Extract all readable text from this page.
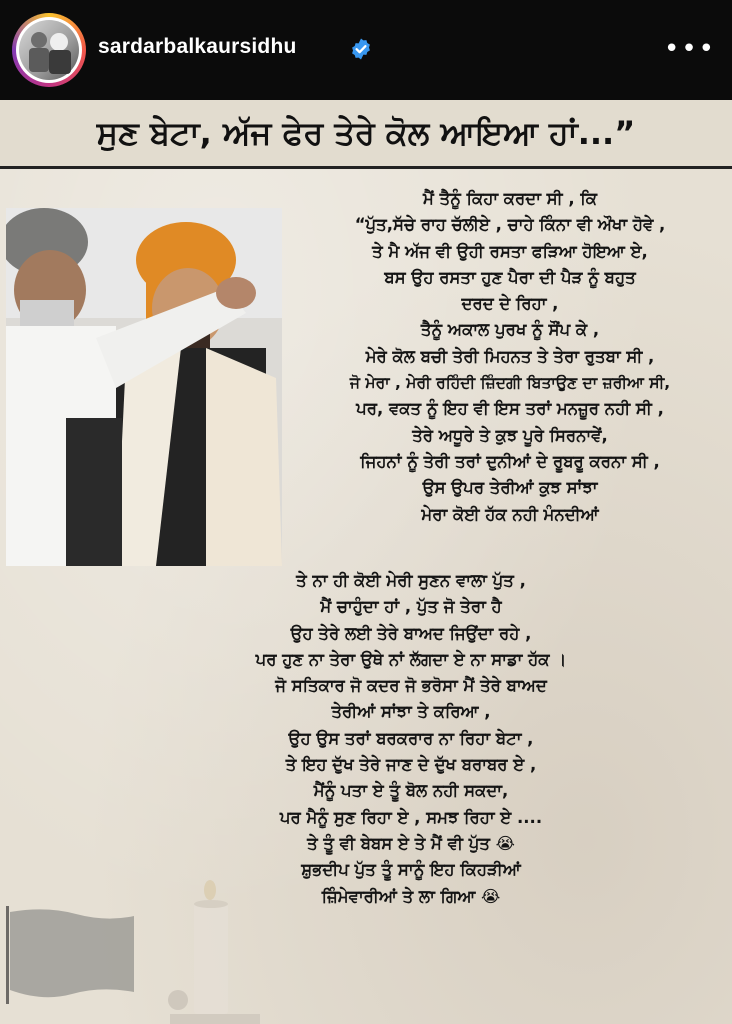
sardarbalkaursidhu	•••
ਸੁਣ ਬੇਟਾ, ਅੱਜ ਫੇਰ ਤੇਰੇ ਕੋਲ ਆਇਆ ਹਾਂ...”
ਮੈਂ ਤੈਨੂੰ ਕਿਹਾ ਕਰਦਾ ਸੀ , ਕਿ
“ਪੁੱਤ,ਸੱਚੇ ਰਾਹ ਚੱਲੀਏ , ਚਾਹੇ ਕਿੰਨਾ ਵੀ ਔਖਾ ਹੋਵੇ ,
ਤੇ ਮੈ ਅੱਜ ਵੀ ਉਹੀ ਰਸਤਾ ਫੜਿਆ ਹੋਇਆ ਏ,
ਬਸ ਉਹ ਰਸਤਾ ਹੁਣ ਪੈਰਾ ਦੀ ਪੈੜ ਨੂੰ ਬਹੁਤ
ਦਰਦ ਦੇ ਰਿਹਾ ,
ਤੈਨੂੰ ਅਕਾਲ ਪੁਰਖ ਨੂੰ ਸੌਂਪ ਕੇ ,
ਮੇਰੇ ਕੋਲ ਬਚੀ ਤੇਰੀ ਮਿਹਨਤ ਤੇ ਤੇਰਾ ਰੁਤਬਾ ਸੀ ,
ਜੋ ਮੇਰਾ , ਮੇਰੀ ਰਹਿੰਦੀ ਜ਼ਿੰਦਗੀ ਬਿਤਾਉਣ ਦਾ ਜ਼ਰੀਆ ਸੀ,
ਪਰ, ਵਕਤ ਨੂੰ ਇਹ ਵੀ ਇਸ ਤਰਾਂ ਮਨਜ਼ੂਰ ਨਹੀ ਸੀ ,
ਤੇਰੇ ਅਧੂਰੇ ਤੇ ਕੁਝ ਪੂਰੇ ਸਿਰਨਾਵੇਂ,
ਜਿਹਨਾਂ ਨੂੰ ਤੇਰੀ ਤਰਾਂ ਦੁਨੀਆਂ ਦੇ ਰੂਬਰੂ ਕਰਨਾ ਸੀ ,
ਉਸ ਉਪਰ ਤੇਰੀਆਂ ਕੁਝ ਸਾਂਝਾ
ਮੇਰਾ ਕੋਈ ਹੱਕ ਨਹੀ ਮੰਨਦੀਆਂ
ਤੇ ਨਾ ਹੀ ਕੋਈ ਮੇਰੀ ਸੁਣਨ ਵਾਲਾ ਪੁੱਤ ,
ਮੈਂ ਚਾਹੁੰਦਾ ਹਾਂ , ਪੁੱਤ ਜੋ ਤੇਰਾ ਹੈ
ਉਹ ਤੇਰੇ ਲਈ ਤੇਰੇ ਬਾਅਦ ਜਿਉਂਦਾ ਰਹੇ ,
ਪਰ ਹੁਣ ਨਾ ਤੇਰਾ ਉਥੇ ਨਾਂ ਲੱਗਦਾ ਏ ਨਾ ਸਾਡਾ ਹੱਕ ।
ਜੋ ਸਤਿਕਾਰ ਜੋ ਕਦਰ ਜੋ ਭਰੋਸਾ ਮੈਂ ਤੇਰੇ ਬਾਅਦ
ਤੇਰੀਆਂ ਸਾਂਝਾ ਤੇ ਕਰਿਆ ,
ਉਹ ਉਸ ਤਰਾਂ ਬਰਕਰਾਰ ਨਾ ਰਿਹਾ ਬੇਟਾ ,
ਤੇ ਇਹ ਦੁੱਖ ਤੇਰੇ ਜਾਣ ਦੇ ਦੁੱਖ ਬਰਾਬਰ ਏ ,
ਮੈਂਨੂੰ ਪਤਾ ਏ ਤੂੰ ਬੋਲ ਨਹੀ ਸਕਦਾ,
ਪਰ ਮੈਨੂੰ ਸੁਣ ਰਿਹਾ ਏ , ਸਮਝ ਰਿਹਾ ਏ ....
ਤੇ ਤੂੰ ਵੀ ਬੇਬਸ ਏ ਤੇ ਮੈਂ ਵੀ ਪੁੱਤ 😭
ਸ਼ੁਭਦੀਪ ਪੁੱਤ ਤੂੰ ਸਾਨੂੰ ਇਹ ਕਿਹੜੀਆਂ
ਜ਼ਿੰਮੇਵਾਰੀਆਂ ਤੇ ਲਾ ਗਿਆ 😭
